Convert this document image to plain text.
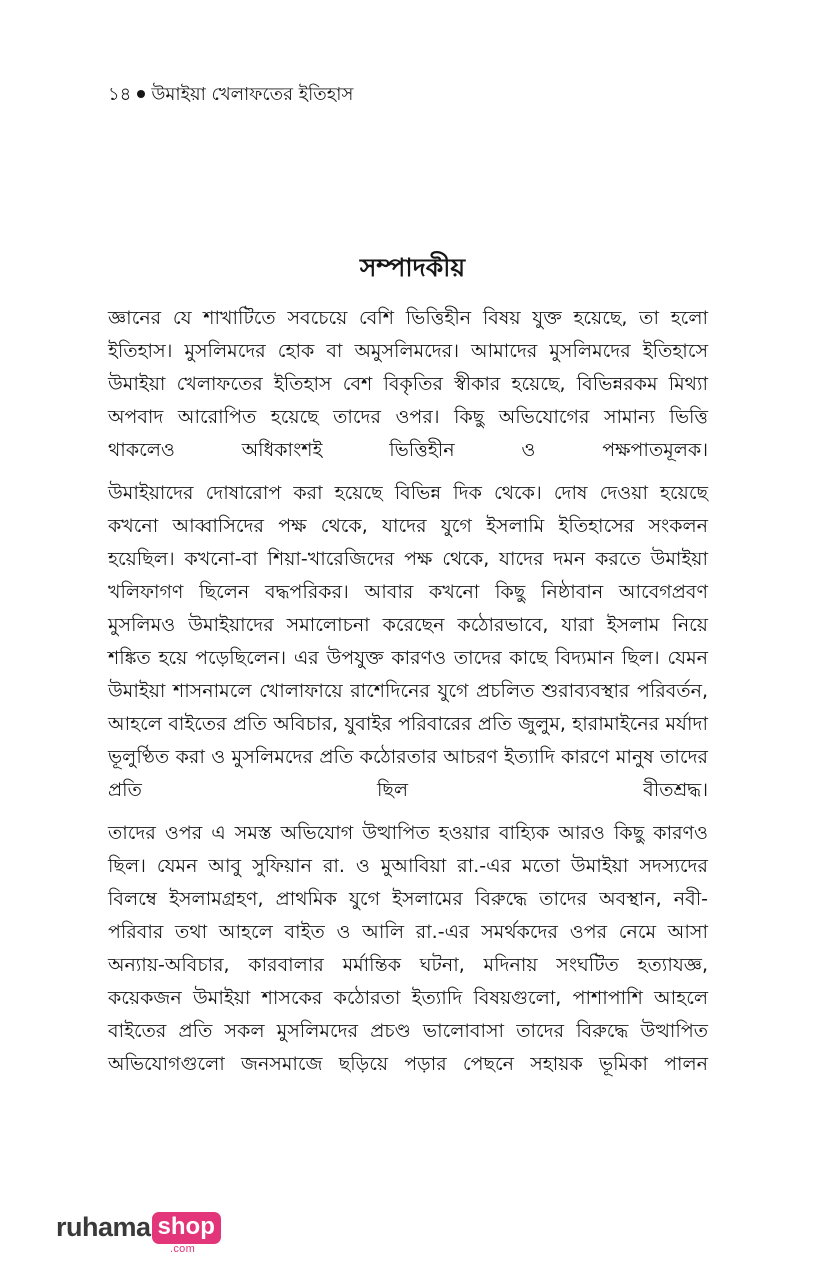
১৪ উমাইয়া খেলাফতের ইতিহাস
সম্পাদকীয়

জ্ঞানের যে শাখাটিতে সবচেয়ে বেশি ভিত্তিহীন বিষয় যুক্ত হয়েছে, তা হলো ইতিহাস। মুসলিমদের হোক বা অমুসলিমদের। আমাদের মুসলিমদের ইতিহাসে উমাইয়া খেলাফতের ইতিহাস বেশ বিকৃতির স্বীকার হয়েছে, বিভিন্নরকম মিথ্যা অপবাদ আরোপিত হয়েছে তাদের ওপর। কিছু অভিযোগের সামান্য ভিত্তি থাকলেও অধিকাংশই ভিত্তিহীন ও পক্ষপাতমূলক।

উমাইয়াদের দোষারোপ করা হয়েছে বিভিন্ন দিক থেকে। দোষ দেওয়া হয়েছে কখনো আব্বাসিদের পক্ষ থেকে, যাদের যুগে ইসলামি ইতিহাসের সংকলন হয়েছিল। কখনো-বা শিয়া-খারেজিদের পক্ষ থেকে, যাদের দমন করতে উমাইয়া খলিফাগণ ছিলেন বদ্ধপরিকর। আবার কখনো কিছু নিষ্ঠাবান আবেগপ্রবণ মুসলিমও উমাইয়াদের সমালোচনা করেছেন কঠোরভাবে, যারা ইসলাম নিয়ে শঙ্কিত হয়ে পড়েছিলেন। এর উপযুক্ত কারণও তাদের কাছে বিদ্যমান ছিল। যেমন উমাইয়া শাসনামলে খোলাফায়ে রাশেদিনের যুগে প্রচলিত শুরাব্যবস্থার পরিবর্তন, আহলে বাইতের প্রতি অবিচার, যুবাইর পরিবারের প্রতি জুলুম, হারামাইনের মর্যাদা ভূলুণ্ঠিত করা ও মুসলিমদের প্রতি কঠোরতার আচরণ ইত্যাদি কারণে মানুষ তাদের প্রতি ছিল বীতশ্রদ্ধ।

তাদের ওপর এ সমস্ত অভিযোগ উত্থাপিত হওয়ার বাহ্যিক আরও কিছু কারণও ছিল। যেমন আবু সুফিয়ান রা. ও মুআবিয়া রা.-এর মতো উমাইয়া সদস্যদের বিলম্বে ইসলামগ্রহণ, প্রাথমিক যুগে ইসলামের বিরুদ্ধে তাদের অবস্থান, নবী- পরিবার তথা আহলে বাইত ও আলি রা.-এর সমর্থকদের ওপর নেমে আসা অন্যায়-অবিচার, কারবালার মর্মান্তিক ঘটনা, মদিনায় সংঘটিত হত্যাযজ্ঞ, কয়েকজন উমাইয়া শাসকের কঠোরতা ইত্যাদি বিষয়গুলো, পাশাপাশি আহলে বাইতের প্রতি সকল মুসলিমদের প্রচণ্ড ভালোবাসা তাদের বিরুদ্ধে উত্থাপিত অভিযোগগুলো জনসমাজে ছড়িয়ে পড়ার পেছনে সহায়ক ভূমিকা পালন

ruhama shop
.com
